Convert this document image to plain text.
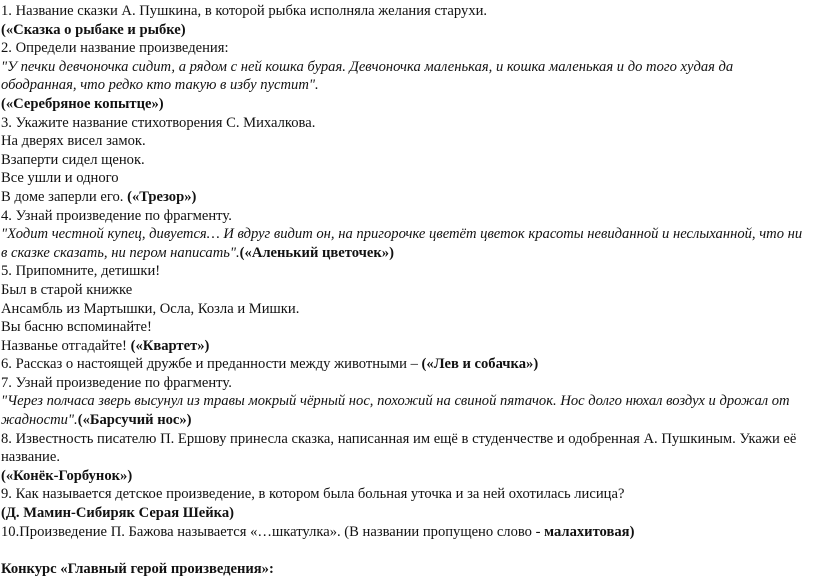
1. Название сказки А. Пушкина, в которой рыбка исполняла желания старухи.
(«Сказка о рыбаке и рыбке)
2. Определи название произведения:
"У печки девчоночка сидит, а рядом с ней кошка бурая. Девчоночка маленькая, и кошка маленькая и до того худая да ободранная, что редко кто такую в избу пустит".
(«Серебряное копытце»)
3. Укажите название стихотворения С. Михалкова.
На дверях висел замок.
Взаперти сидел щенок.
Все ушли и одного
В доме заперли его. («Трезор»)
4. Узнай произведение по фрагменту.
"Ходит честной купец, дивуется… И вдруг видит он, на пригорочке цветёт цветок красоты невиданной и неслыханной, что ни в сказке сказать, ни пером написать".(«Аленький цветочек»)
5. Припомните, детишки!
Был в старой книжке
Ансамбль из Мартышки, Осла, Козла и Мишки.
Вы басню вспоминайте!
Названье отгадайте! («Квартет»)
6. Рассказ о настоящей дружбе и преданности между животными – («Лев и собачка»)
7. Узнай произведение по фрагменту.
"Через полчаса зверь высунул из травы мокрый чёрный нос, похожий на свиной пятачок. Нос долго нюхал воздух и дрожал от жадности".(«Барсучий нос»)
8. Известность писателю П. Ершову принесла сказка, написанная им ещё в студенчестве и одобренная А. Пушкиным. Укажи её название.
(«Конёк-Горбунок»)
9. Как называется детское произведение, в котором была больная уточка и за ней охотилась лисица?
(Д. Мамин-Сибиряк Серая Шейка)
10.Произведение П. Бажова называется «…шкатулка». (В названии пропущено слово - малахитовая)
Конкурс «Главный герой произведения»:
